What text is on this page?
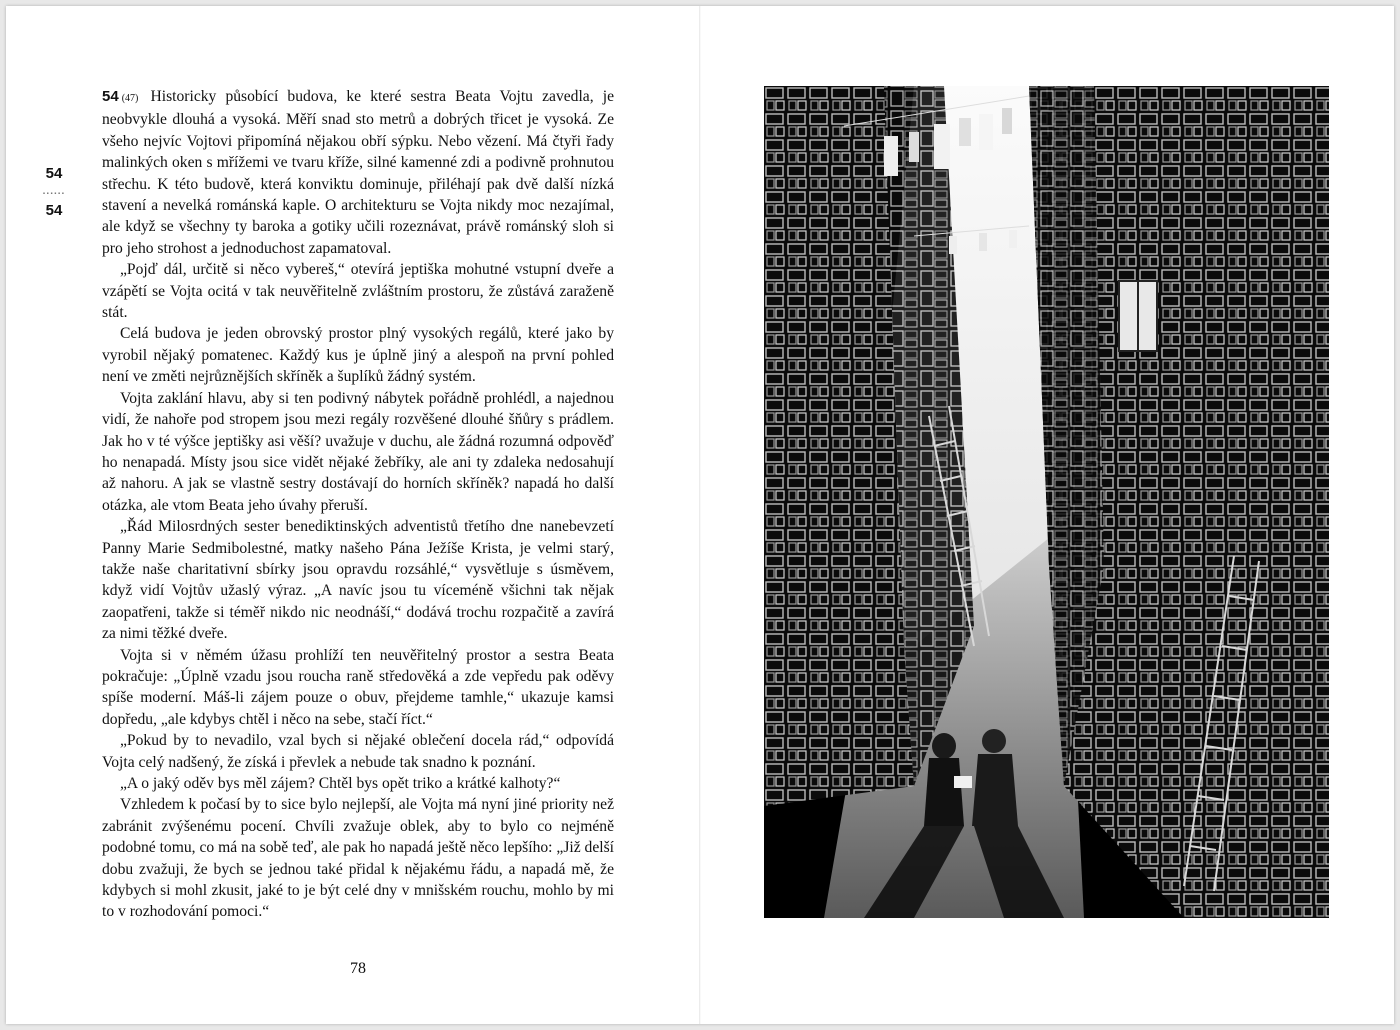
54
......
54

54 (47) Historicky působící budova, ke které sestra Beata Vojtu zavedla, je neobvykle dlouhá a vysoká. Měří snad sto metrů a dobrých třicet je vysoká. Ze všeho nejvíc Vojtovi připomíná nějakou obří sýpku. Nebo vězení. Má čtyři řady malinkých oken s mřížemi ve tvaru kříže, silné kamenné zdi a podivně prohnutou střechu. K této budově, která konviktu dominuje, přiléhají pak dvě další nízká stavení a nevelká románská kaple. O architekturu se Vojta nikdy moc nezajímal, ale když se všechny ty baroka a gotiky učili rozeznávat, právě románský sloh si pro jeho strohost a jednoduchost zapamatoval.

„Pojď dál, určitě si něco vybereš,“ otevírá jeptiška mohutné vstupní dveře a vzápětí se Vojta ocitá v tak neuvěřitelně zvláštním prostoru, že zůstává zaraženě stát.

Celá budova je jeden obrovský prostor plný vysokých regálů, které jako by vyrobil nějaký pomatenec. Každý kus je úplně jiný a alespoň na první pohled není ve změti nejrůznějších skříněk a šuplíků žádný systém.

Vojta zaklání hlavu, aby si ten podivný nábytek pořádně prohlédl, a najednou vidí, že nahoře pod stropem jsou mezi regály rozvěšené dlouhé šňůry s prádlem. Jak ho v té výšce jeptišky asi věší? uvažuje v duchu, ale žádná rozumná odpověď ho nenapadá. Místy jsou sice vidět nějaké žebříky, ale ani ty zdaleka nedosahují až nahoru. A jak se vlastně sestry dostávají do horních skříněk? napadá ho další otázka, ale vtom Beata jeho úvahy přeruší.

„Řád Milosrdných sester benediktinských adventistů třetího dne nanebevzetí Panny Marie Sedmibolestné, matky našeho Pána Ježíše Krista, je velmi starý, takže naše charitativní sbírky jsou opravdu rozsáhlé,“ vysvětluje s úsměvem, když vidí Vojtův užaslý výraz. „A navíc jsou tu víceméně všichni tak nějak zaopatřeni, takže si téměř nikdo nic neodnáší,“ dodává trochu rozpačitě a zavírá za nimi těžké dveře.

Vojta si v němém úžasu prohlíží ten neuvěřitelný prostor a sestra Beata pokračuje: „Úplně vzadu jsou roucha raně středověká a zde vepředu pak oděvy spíše moderní. Máš-li zájem pouze o obuv, přejdeme tamhle,“ ukazuje kamsi dopředu, „ale kdybys chtěl i něco na sebe, stačí říct.“

„Pokud by to nevadilo, vzal bych si nějaké oblečení docela rád,“ odpovídá Vojta celý nadšený, že získá i převlek a nebude tak snadno k poznání.

„A o jaký oděv bys měl zájem? Chtěl bys opět triko a krátké kalhoty?“

Vzhledem k počasí by to sice bylo nejlepší, ale Vojta má nyní jiné priority než zabránit zvýšenému pocení. Chvíli zvažuje oblek, aby to bylo co nejméně podobné tomu, co má na sobě teď, ale pak ho napadá ještě něco lepšího: „Již delší dobu zvažuji, že bych se jednou také přidal k nějakému řádu, a napadá mě, že kdybych si mohl zkusit, jaké to je být celé dny v mnišském rouchu, mohlo by mi to v rozhodování pomoci.“

78
